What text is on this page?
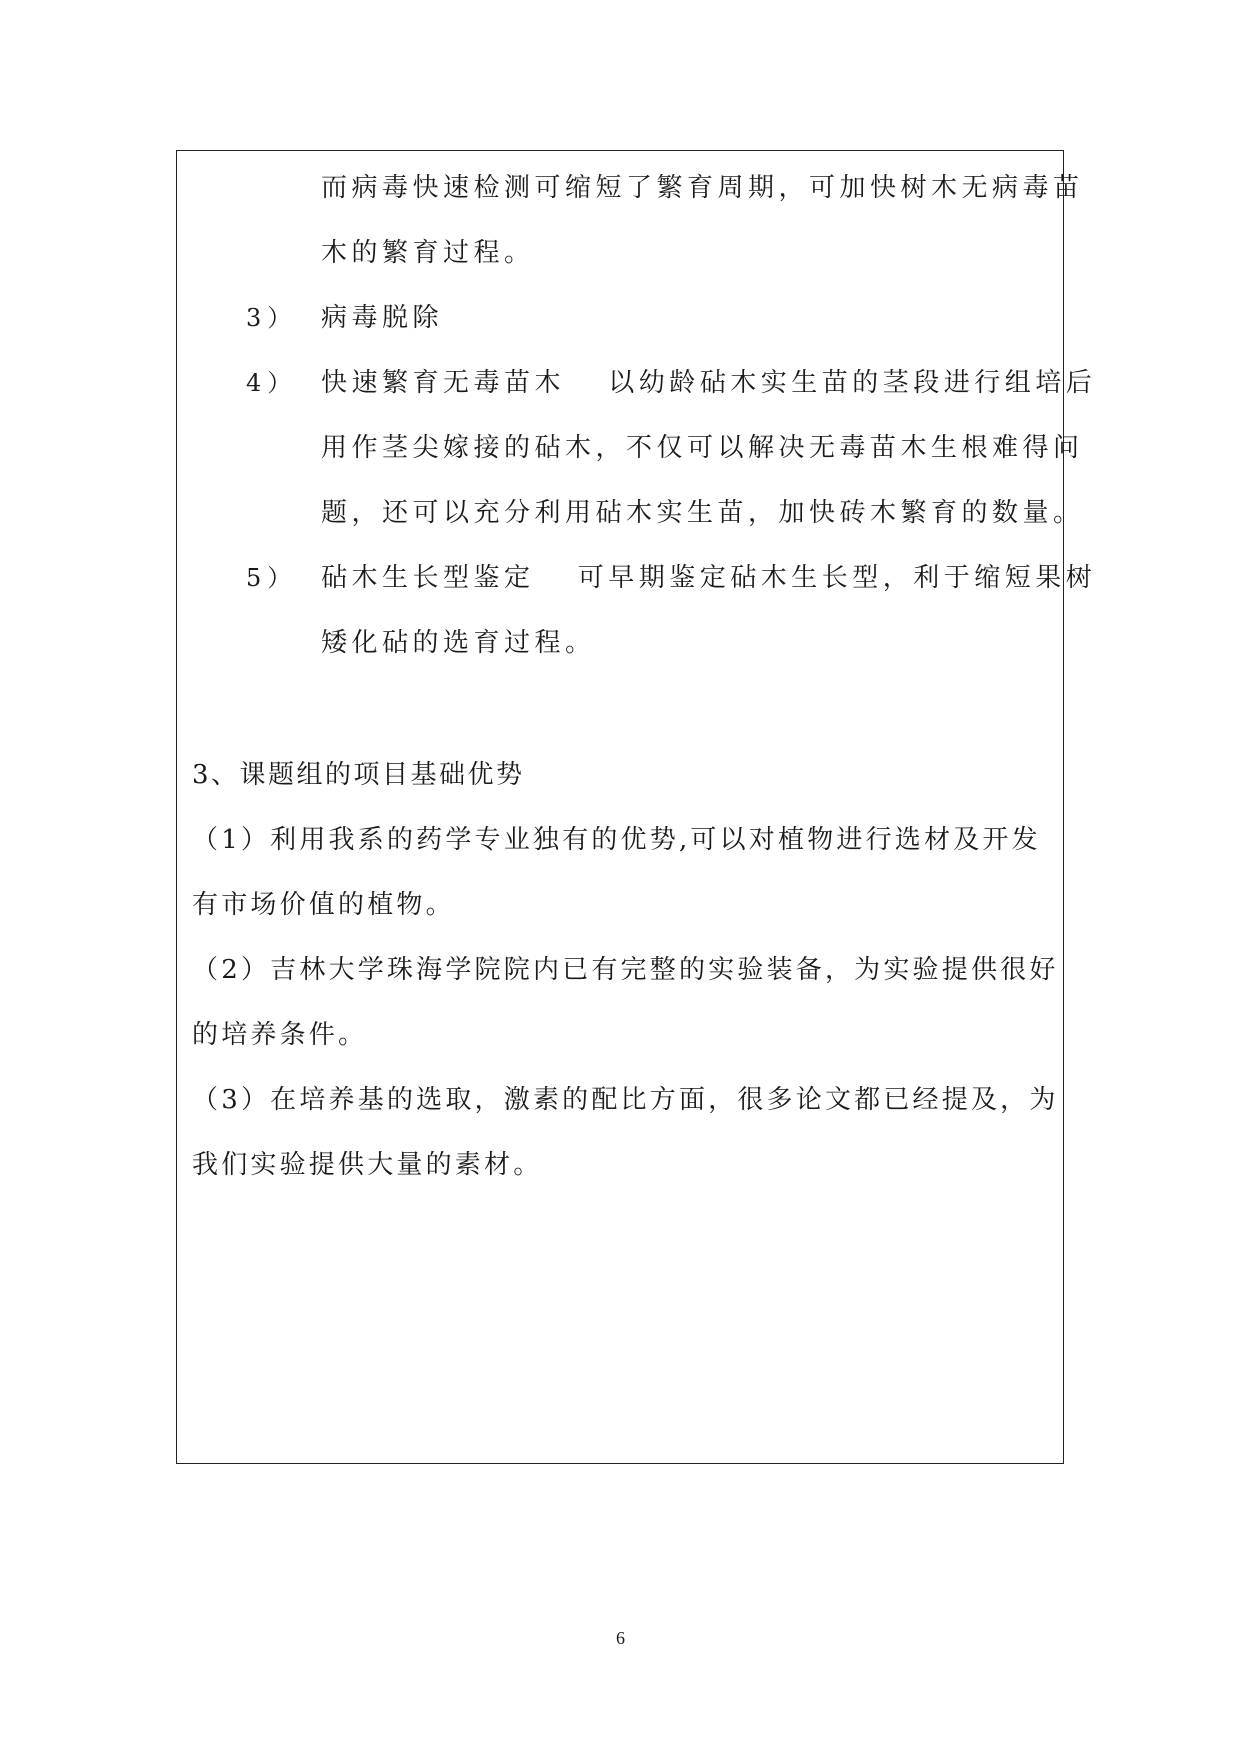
而病毒快速检测可缩短了繁育周期，可加快树木无病毒苗
木的繁育过程。
3） 病毒脱除
4） 快速繁育无毒苗木　 以幼龄砧木实生苗的茎段进行组培后
用作茎尖嫁接的砧木，不仅可以解决无毒苗木生根难得问
题，还可以充分利用砧木实生苗，加快砖木繁育的数量。
5） 砧木生长型鉴定　 可早期鉴定砧木生长型，利于缩短果树
矮化砧的选育过程。
3、课题组的项目基础优势
（1）利用我系的药学专业独有的优势,可以对植物进行选材及开发
有市场价值的植物。
（2）吉林大学珠海学院院内已有完整的实验装备，为实验提供很好
的培养条件。
（3）在培养基的选取，激素的配比方面，很多论文都已经提及，为
我们实验提供大量的素材。
6
